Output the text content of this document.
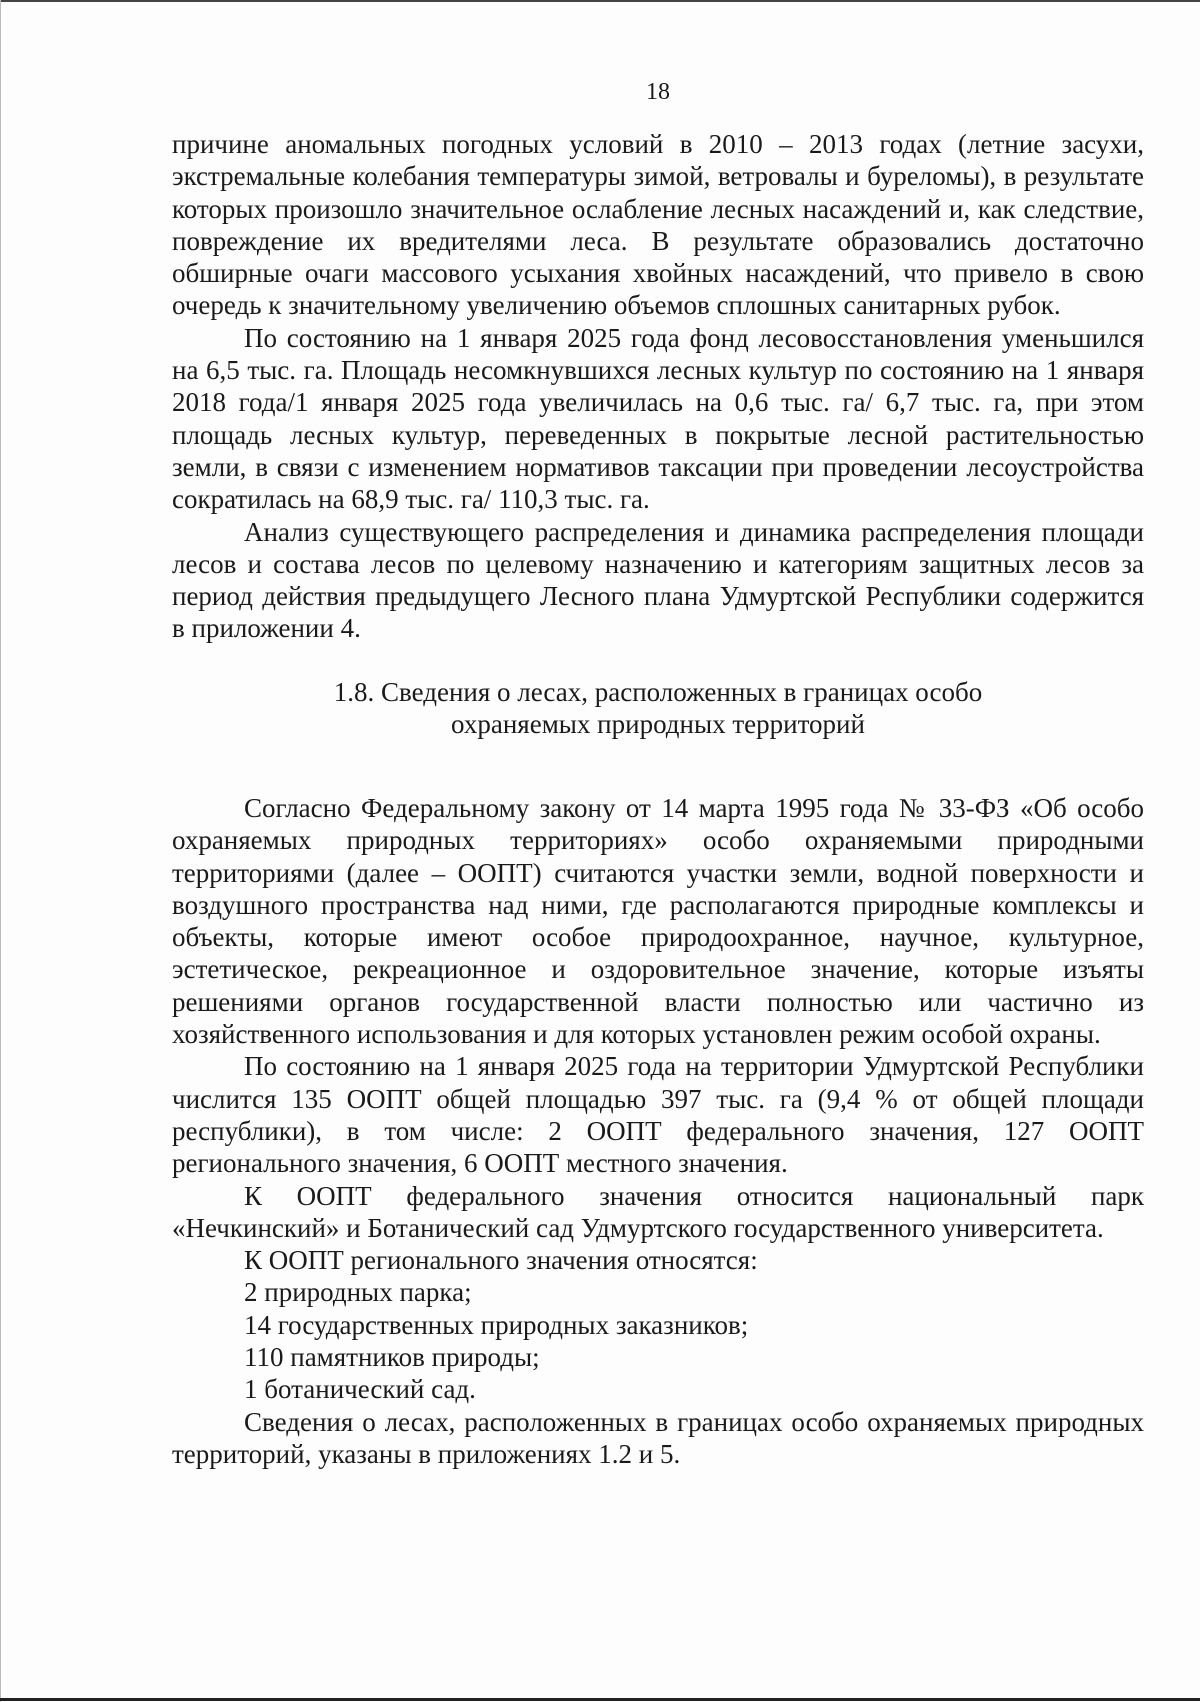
18

причине аномальных погодных условий в 2010 – 2013 годах (летние засухи, экстремальные колебания температуры зимой, ветровалы и буреломы), в результате которых произошло значительное ослабление лесных насаждений и, как следствие, повреждение их вредителями леса. В результате образовались достаточно обширные очаги массового усыхания хвойных насаждений, что привело в свою очередь к значительному увеличению объемов сплошных санитарных рубок.

По состоянию на 1 января 2025 года фонд лесовосстановления уменьшился на 6,5 тыс. га. Площадь несомкнувшихся лесных культур по состоянию на 1 января 2018 года/1 января 2025 года увеличилась на 0,6 тыс. га/ 6,7 тыс. га, при этом площадь лесных культур, переведенных в покрытые лесной растительностью земли, в связи с изменением нормативов таксации при проведении лесоустройства сократилась на 68,9 тыс. га/ 110,3 тыс. га.

Анализ существующего распределения и динамика распределения площади лесов и состава лесов по целевому назначению и категориям защитных лесов за период действия предыдущего Лесного плана Удмуртской Республики содержится в приложении 4.

1.8. Сведения о лесах, расположенных в границах особо

охраняемых природных территорий

Согласно Федеральному закону от 14 марта 1995 года № 33-ФЗ «Об особо охраняемых природных территориях» особо охраняемыми природными территориями (далее – ООПТ) считаются участки земли, водной поверхности и воздушного пространства над ними, где располагаются природные комплексы и объекты, которые имеют особое природоохранное, научное, культурное, эстетическое, рекреационное и оздоровительное значение, которые изъяты решениями органов государственной власти полностью или частично из хозяйственного использования и для которых установлен режим особой охраны.

По состоянию на 1 января 2025 года на территории Удмуртской Республики числится 135 ООПТ общей площадью 397 тыс. га (9,4 % от общей площади республики), в том числе: 2 ООПТ федерального значения, 127 ООПТ регионального значения, 6 ООПТ местного значения.

К ООПТ федерального значения относится национальный парк «Нечкинский» и Ботанический сад Удмуртского государственного университета.

К ООПТ регионального значения относятся:

2 природных парка;

14 государственных природных заказников;

110 памятников природы;

1 ботанический сад.

Сведения о лесах, расположенных в границах особо охраняемых природных территорий, указаны в приложениях 1.2 и 5.
